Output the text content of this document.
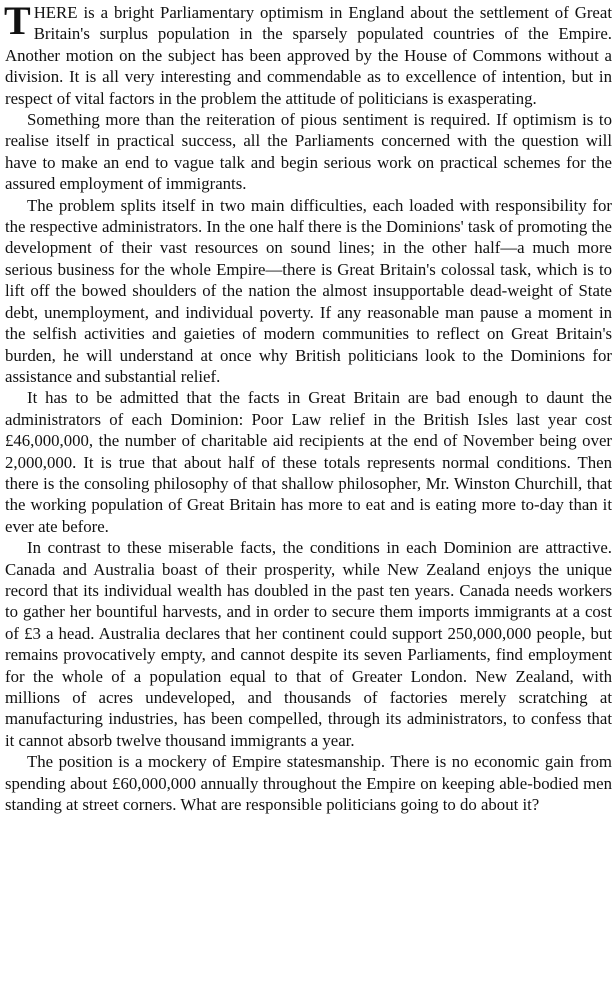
THERE is a bright Parliamentary optimism in England about the settlement of Great Britain's surplus population in the sparsely populated countries of the Empire. Another motion on the subject has been approved by the House of Commons without a division. It is all very interesting and commendable as to excellence of intention, but in respect of vital factors in the problem the attitude of politicians is exasperating.

Something more than the reiteration of pious sentiment is required. If optimism is to realise itself in practical success, all the Parliaments concerned with the question will have to make an end to vague talk and begin serious work on practical schemes for the assured employment of immigrants.

The problem splits itself in two main difficulties, each loaded with responsibility for the respective administrators. In the one half there is the Dominions' task of promoting the development of their vast resources on sound lines; in the other half—a much more serious business for the whole Empire—there is Great Britain's colossal task, which is to lift off the bowed shoulders of the nation the almost insupportable dead-weight of State debt, unemployment, and individual poverty. If any reasonable man pause a moment in the selfish activities and gaieties of modern communities to reflect on Great Britain's burden, he will understand at once why British politicians look to the Dominions for assistance and substantial relief.

It has to be admitted that the facts in Great Britain are bad enough to daunt the administrators of each Dominion: Poor Law relief in the British Isles last year cost £46,000,000, the number of charitable aid recipients at the end of November being over 2,000,000. It is true that about half of these totals represents normal conditions. Then there is the consoling philosophy of that shallow philosopher, Mr. Winston Churchill, that the working population of Great Britain has more to eat and is eating more to-day than it ever ate before.

In contrast to these miserable facts, the conditions in each Dominion are attractive. Canada and Australia boast of their prosperity, while New Zealand enjoys the unique record that its individual wealth has doubled in the past ten years. Canada needs workers to gather her bountiful harvests, and in order to secure them imports immigrants at a cost of £3 a head. Australia declares that her continent could support 250,000,000 people, but remains provocatively empty, and cannot despite its seven Parliaments, find employment for the whole of a population equal to that of Greater London. New Zealand, with millions of acres undeveloped, and thousands of factories merely scratching at manufacturing industries, has been compelled, through its administrators, to confess that it cannot absorb twelve thousand immigrants a year.

The position is a mockery of Empire statesmanship. There is no economic gain from spending about £60,000,000 annually throughout the Empire on keeping able-bodied men standing at street corners. What are responsible politicians going to do about it?
